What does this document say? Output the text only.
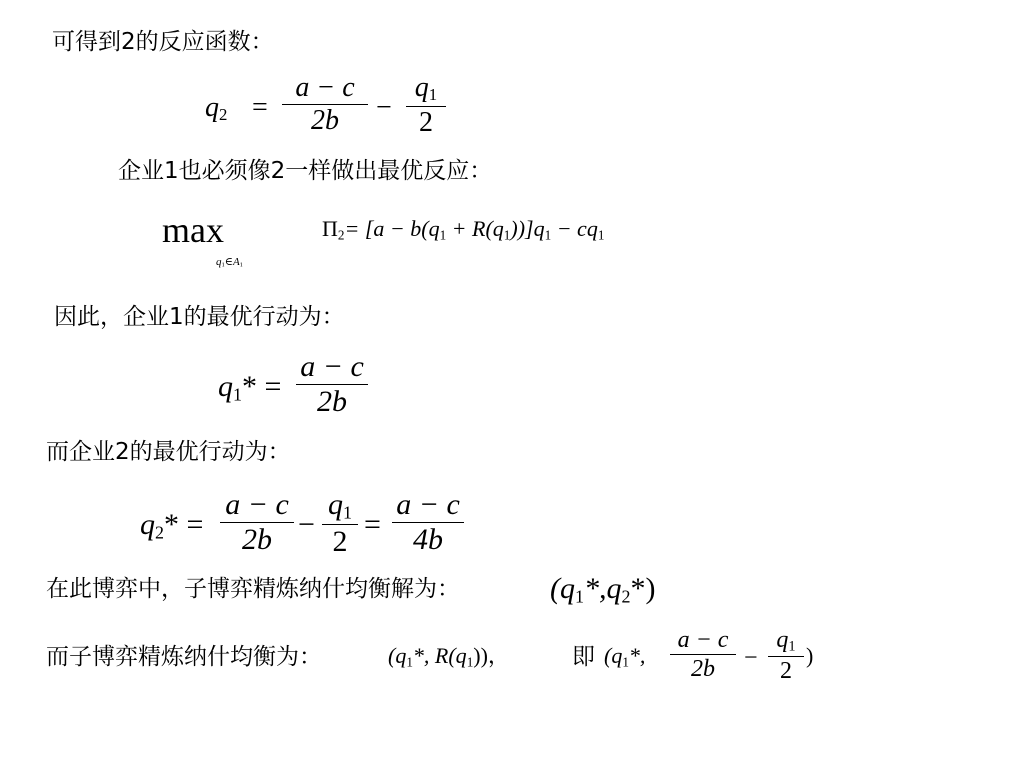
可得到2的反应函数：
$q_2$ =
a − c
2b	−
$q_1$
2
企业1也必须像2一样做出最优反应：
max
$q_1\in A_1$
$\Pi_2= [a - b(q_1 + R(q_1))]q_1 - cq_1$
因此，企业1的最优行动为：
$q_1*$ =
a − c
2b
而企业2的最优行动为：
$q_2*$ =
a − c
2b −
$q_1$
2 =
a − c
4b
在此博弈中，子博弈精炼纳什均衡解为：	$(q_1*,q_2*)$
而子博弈精炼纳什均衡为：	($q_1*$, $R(q_1)$)，	即 ($q_1*$,
a − c
2b	−
$q_1$
2
)
